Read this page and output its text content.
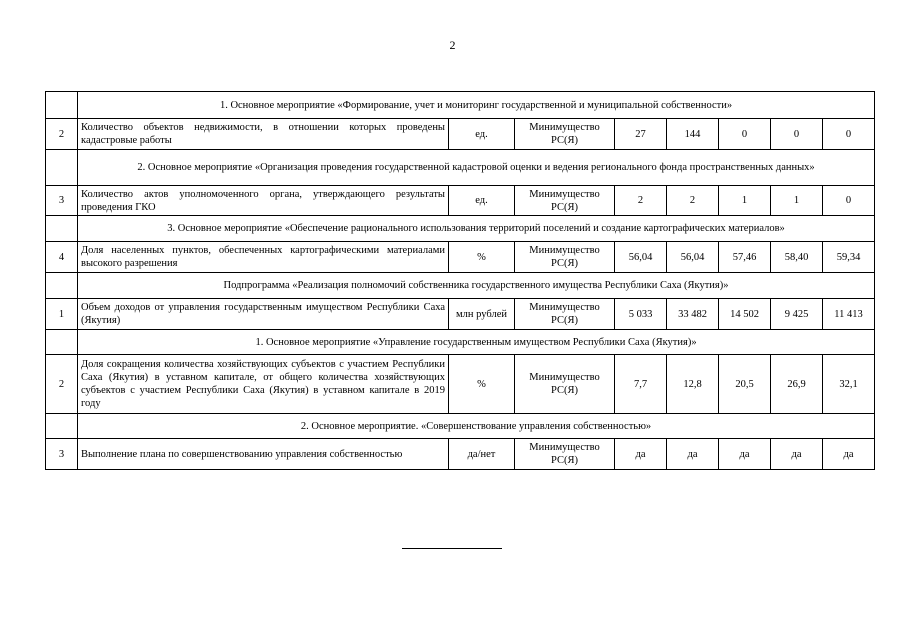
2
	1. Основное мероприятие «Формирование, учет и мониторинг государственной и муниципальной собственности»							
2	Количество объектов недвижимости, в отношении которых проведены кадастровые работы	ед.	Минимущество РС(Я)	27	144	0	0	0
	2. Основное мероприятие «Организация проведения государственной кадастровой оценки и ведения регионального фонда пространственных данных»							
3	Количество актов уполномоченного органа, утверждающего результаты проведения ГКО	ед.	Минимущество РС(Я)	2	2	1	1	0
	3. Основное мероприятие «Обеспечение рационального использования территорий поселений и создание картографических материалов»							
4	Доля населенных пунктов, обеспеченных картографическими материалами высокого разрешения	%	Минимущество РС(Я)	56,04	56,04	57,46	58,40	59,34
	Подпрограмма «Реализация полномочий собственника государственного имущества Республики Саха (Якутия)»							
1	Объем доходов от управления государственным имуществом Республики Саха (Якутия)	млн рублей	Минимущество РС(Я)	5 033	33 482	14 502	9 425	11 413
	1. Основное мероприятие «Управление государственным имуществом Республики Саха (Якутия)»							
2	Доля сокращения количества хозяйствующих субъектов с участием Республики Саха (Якутия) в уставном капитале, от общего количества хозяйствующих субъектов с участием Республики Саха (Якутия) в уставном капитале в 2019 году	%	Минимущество РС(Я)	7,7	12,8	20,5	26,9	32,1
	2. Основное мероприятие. «Совершенствование управления собственностью»							
3	Выполнение плана по совершенствованию управления собственностью	да/нет	Минимущество РС(Я)	да	да	да	да	да
